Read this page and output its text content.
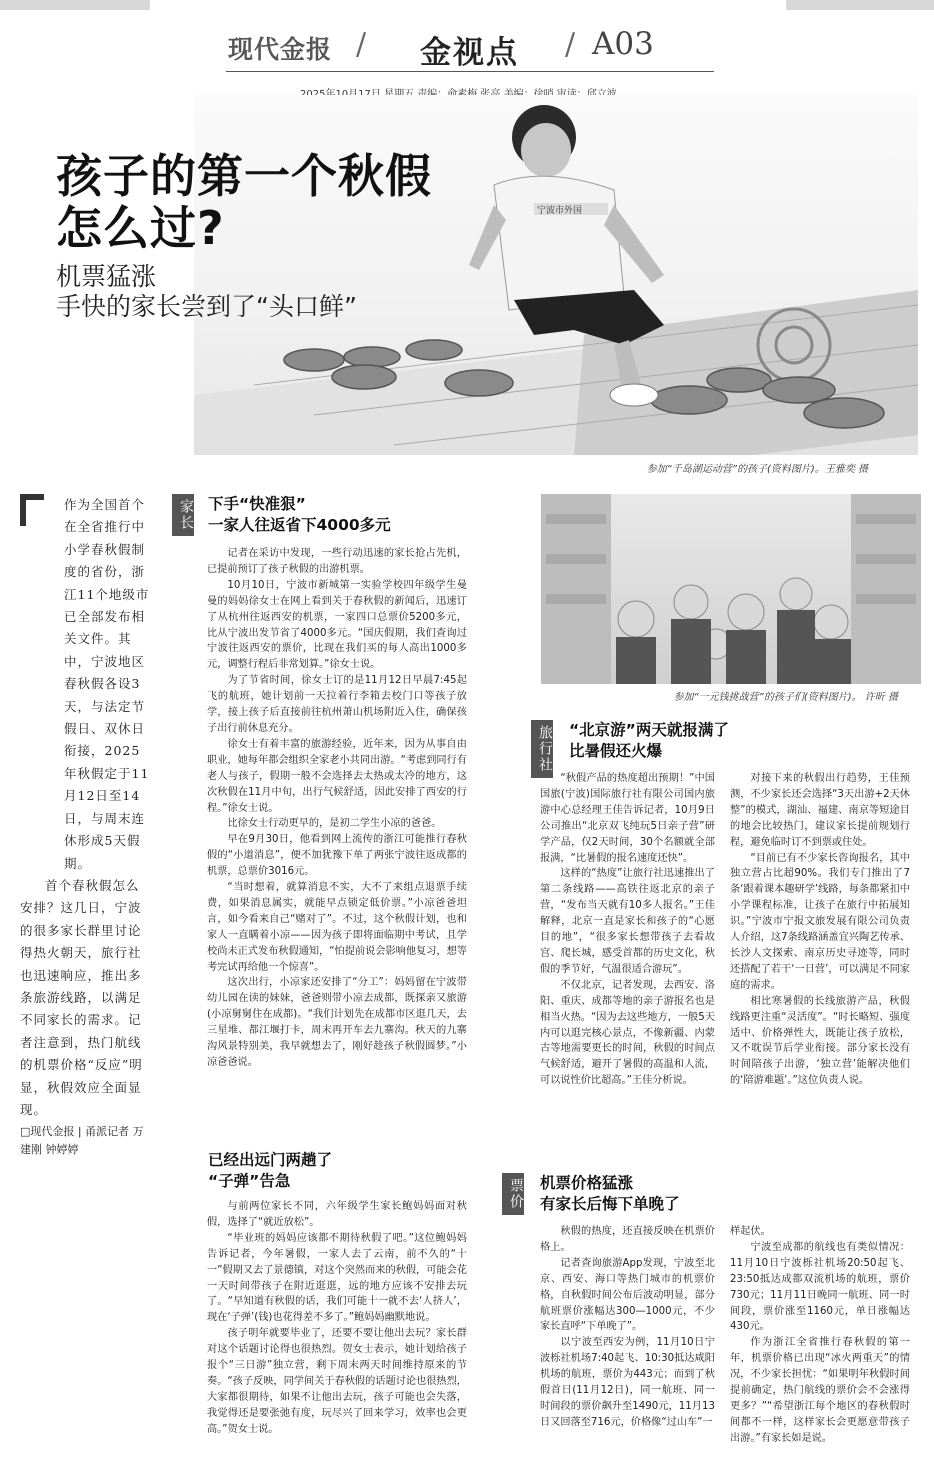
现代金报 / 金视点 / A03
宁波市外国
参加“千岛湖运动营”的孩子(资料图片)。王雅奕 摄
孩子的第一个秋假
怎么过?
机票猛涨
手快的家长尝到了“头口鲜”

作为全国首个在全省推行中小学春秋假制度的省份，浙江11个地级市已全部发布相关文件。其中，宁波地区春秋假各设3天，与法定节假日、双休日衔接，2025年秋假定于11月12日至14日，与周末连休形成5天假期。

首个春秋假怎么安排？这几日，宁波的很多家长群里讨论得热火朝天，旅行社也迅速响应，推出多条旅游线路，以满足不同家长的需求。记者注意到，热门航线的机票价格“反应”明显，秋假效应全面显现。

□现代金报 | 甬派记者 万建刚 钟婷婷
家长 下手“快准狠”
一家人往返省下4000多元

记者在采访中发现，一些行动迅速的家长抢占先机，已提前预订了孩子秋假的出游机票。

10月10日，宁波市新城第一实验学校四年级学生曼曼的妈妈徐女士在网上看到关于春秋假的新闻后，迅速订了从杭州往返西安的机票，一家四口总票价5200多元，比从宁波出发节省了4000多元。“国庆假期，我们查询过宁波往返西安的票价，比现在我们买的每人高出1000多元，调整行程后非常划算。”徐女士说。

为了节省时间，徐女士订的是11月12日早晨7:45起飞的航班，她计划前一天拉着行李箱去校门口等孩子放学，接上孩子后直接前往杭州萧山机场附近入住，确保孩子出行前休息充分。

徐女士有着丰富的旅游经验，近年来，因为从事自由职业，她每年都会组织全家老小共同出游。“考虑到同行有老人与孩子，假期一般不会选择去太热或太冷的地方，这次秋假在11月中旬，出行气候舒适，因此安排了西安的行程。”徐女士说。

比徐女士行动更早的，是初二学生小凉的爸爸。

早在9月30日，他看到网上流传的浙江可能推行春秋假的“小道消息”，便不加犹豫下单了两张宁波往返成都的机票，总票价3016元。

“当时想着，就算消息不实，大不了来组点退票手续费，如果消息属实，就能早点锁定低价票。”小凉爸爸坦言，如今看来自己“赌对了”。不过，这个秋假计划，也和家人一直瞒着小凉——因为孩子即将面临期中考试，且学校尚未正式发布秋假通知，“怕提前说会影响他复习，想等考完试再给他一个惊喜”。

这次出行，小凉家还安排了“分工”：妈妈留在宁波带幼儿园在读的妹妹，爸爸则带小凉去成都，既探亲又旅游(小凉舅舅住在成都)。“我们计划先在成都市区逛几天，去三星堆、都江堰打卡，周末再开车去九寨沟。秋天的九寨沟风景特别美，我早就想去了，刚好趁孩子秋假圆梦。”小凉爸爸说。

已经出远门两趟了
“子弹”告急

与前两位家长不同，六年级学生家长鲍妈妈面对秋假，选择了“就近放松”。

“毕业班的妈妈应该都不期待秋假了吧。”这位鲍妈妈告诉记者，今年暑假，一家人去了云南，前不久的“十一”假期又去了景德镇，对这个突然而来的秋假，可能会花一天时间带孩子在附近逛逛，远的地方应该不安排去玩了。“早知道有秋假的话，我们可能十一就不去‘人挤人’，现在‘子弹’(钱)也花得差不多了。”鲍妈妈幽默地说。

孩子明年就要毕业了，还要不要让他出去玩？家长群对这个话题讨论得也很热烈。贺女士表示，她计划给孩子报个“三日游”独立营，剩下周末两天时间维持原来的节奏。“孩子反映，同学间关于春秋假的话题讨论也很热烈，大家都很期待，如果不让他出去玩，孩子可能也会失落，我觉得还是要张弛有度，玩尽兴了回来学习，效率也会更高。”贺女士说。

参加“一元钱挑战营”的孩子们(资料图片)。 许昕 摄
旅行社 “北京游”两天就报满了
比暑假还火爆

“秋假产品的热度超出预期！”中国国旅(宁波)国际旅行社有限公司国内旅游中心总经理王佳告诉记者，10月9日公司推出“北京双飞纯玩5日亲子营”研学产品，仅2天时间，30个名额就全部报满，“比暑假的报名速度还快”。

这样的“热度”让旅行社迅速推出了第二条线路——高铁往返北京的亲子营，“发布当天就有10多人报名。”王佳解释，北京一直是家长和孩子的“心愿目的地”，“很多家长想带孩子去看故宫、爬长城，感受首都的历史文化，秋假的季节好，气温很适合游玩”。

不仅北京，记者发现，去西安、洛阳、重庆、成都等地的亲子游报名也是相当火热。“因为去这些地方，一般5天内可以逛完核心景点，不像新疆、内蒙古等地需要更长的时间，秋假的时间点气候舒适，避开了暑假的高温和人流，可以说性价比超高。”王佳分析说。

对接下来的秋假出行趋势，王佳预测，不少家长还会选择“3天出游+2天休整”的模式，湖汕、福建、南京等短途目的地会比较热门，建议家长提前规划行程，避免临时订不到票或住处。

“目前已有不少家长咨询报名，其中独立营占比超90%。我们专门推出了7条‘跟着课本趣研学’线路，每条都紧扣中小学课程标准，让孩子在旅行中拓展知识。”宁波市宁报文旅发展有限公司负责人介绍，这7条线路涵盖宜兴陶艺传承、长沙人文探索、南京历史寻迹等，同时还搭配了若干‘一日营’，可以满足不同家庭的需求。

相比寒暑假的长线旅游产品，秋假线路更注重“灵活度”。“时长略短、强度适中、价格弹性大，既能让孩子放松，又不耽误节后学业衔接。部分家长没有时间陪孩子出游，‘独立营’能解决他们的‘陪游难题’。”这位负责人说。

票价 机票价格猛涨
有家长后悔下单晚了

秋假的热度，还直接反映在机票价格上。

记者查询旅游App发现，宁波至北京、西安、海口等热门城市的机票价格，自秋假时间公布后波动明显，部分航班票价涨幅达300—1000元，不少家长直呼“下单晚了”。

以宁波至西安为例，11月10日宁波栎社机场7:40起飞、10:30抵达咸阳机场的航班，票价为443元；而到了秋假首日(11月12日)，同一航班、同一时间段的票价飙升至1490元，11月13日又回落至716元，价格像“过山车”一

样起伏。

宁波至成都的航线也有类似情况：11月10日宁波栎社机场20:50起飞、23:50抵达成都双流机场的航班，票价730元；11月11日晚同一航班、同一时间段，票价涨至1160元，单日涨幅达430元。

作为浙江全省推行春秋假的第一年，机票价格已出现“冰火两重天”的情况，不少家长担忧：“如果明年秋假时间提前确定，热门航线的票价会不会涨得更多？”“希望浙江每个地区的春秋假时间都不一样，这样家长会更愿意带孩子出游。”有家长如是说。
